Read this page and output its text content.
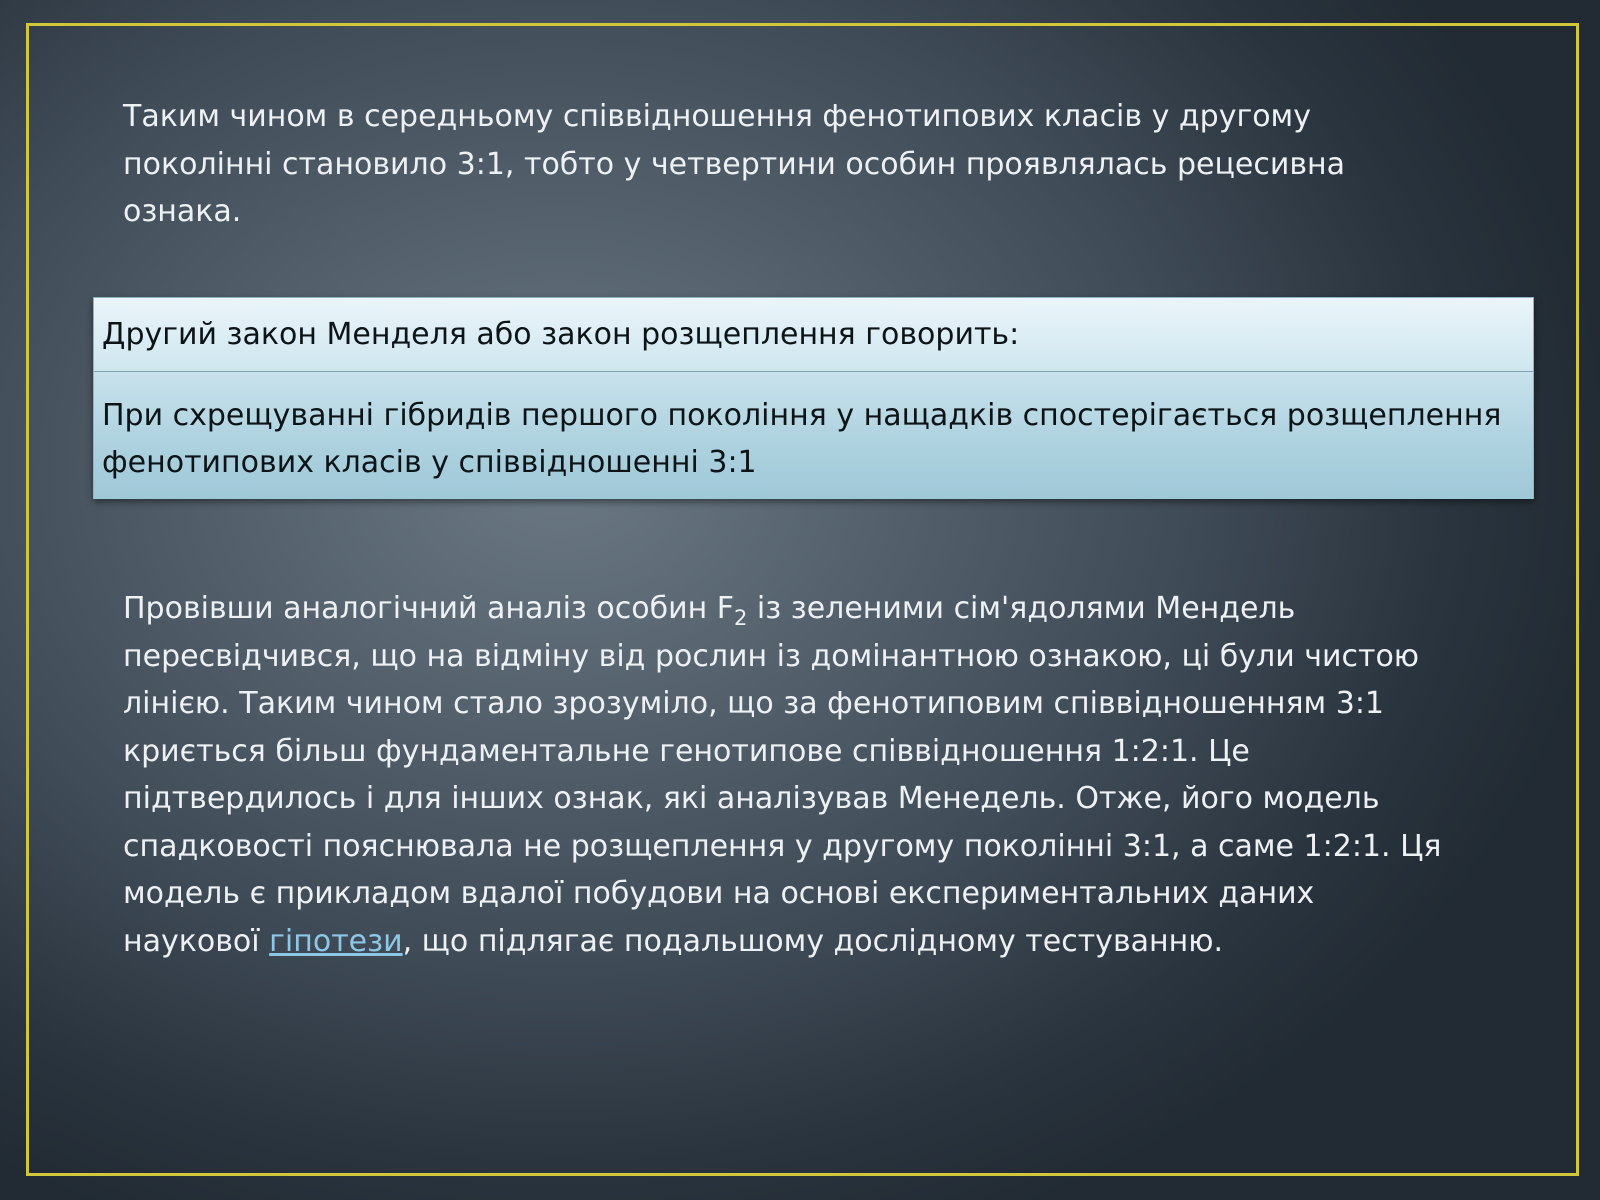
Таким чином в середньому співвідношення фенотипових класів у другому поколінні становило 3:1, тобто у четвертини особин проявлялась рецесивна ознака.

Другий закон Менделя або закон розщеплення говорить:
При схрещуванні гібридів першого покоління у нащадків спостерігається розщеплення фенотипових класів у співвідношенні 3:1

Провівши аналогічний аналіз особин $F_2$ із зеленими сім'ядолями Мендель пересвідчився, що на відміну від рослин із домінантною ознакою, ці були чистою лінією. Таким чином стало зрозуміло, що за фенотиповим співвідношенням 3:1 криється більш фундаментальне генотипове співвідношення 1:2:1. Це підтвердилось і для інших ознак, які аналізував Менедель. Отже, його модель спадковості пояснювала не розщеплення у другому поколінні 3:1, а саме 1:2:1. Ця модель є прикладом вдалої побудови на основі експериментальних даних наукової гіпотези, що підлягає подальшому дослідному тестуванню.
